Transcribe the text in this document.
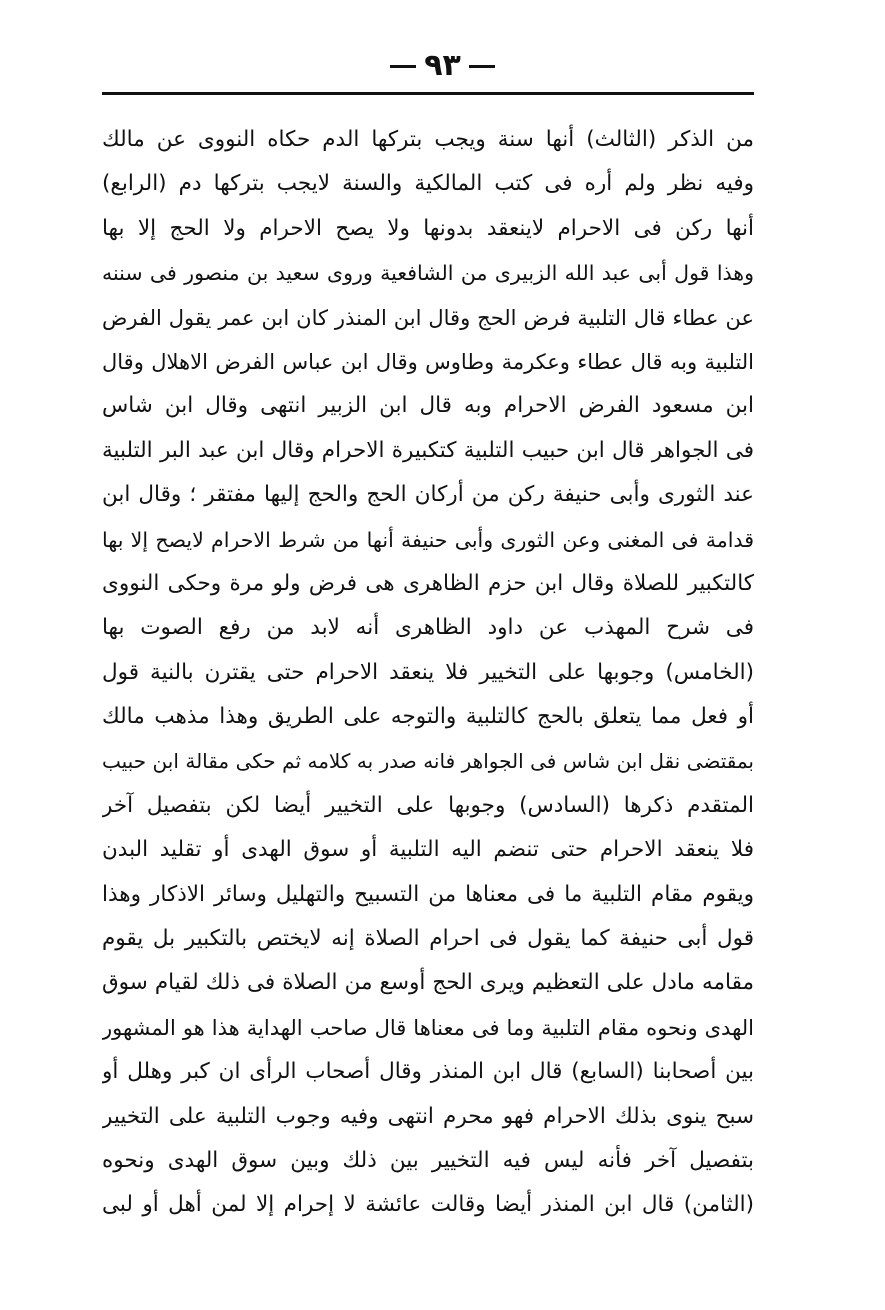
٩٣
من الذكر (الثالث) أنها سنة ويجب بتركها الدم حكاه النووى عن مالك
وفيه نظر ولم أره فى كتب المالكية والسنة لايجب بتركها دم (الرابع)
أنها ركن فى الاحرام لاينعقد بدونها ولا يصح الاحرام ولا الحج إلا بها
وهذا قول أبى عبد الله الزبيرى من الشافعية وروى سعيد بن منصور فى سننه
عن عطاء قال التلبية فرض الحج وقال ابن المنذر كان ابن عمر يقول الفرض
التلبية وبه قال عطاء وعكرمة وطاوس وقال ابن عباس الفرض الاهلال وقال
ابن مسعود الفرض الاحرام وبه قال ابن الزبير انتهى وقال ابن شاس
فى الجواهر قال ابن حبيب التلبية كتكبيرة الاحرام وقال ابن عبد البر التلبية
عند الثورى وأبى حنيفة ركن من أركان الحج والحج إليها مفتقر ؛ وقال ابن
قدامة فى المغنى وعن الثورى وأبى حنيفة أنها من شرط الاحرام لايصح إلا بها
كالتكبير للصلاة وقال ابن حزم الظاهرى هى فرض ولو مرة وحكى النووى
فى شرح المهذب عن داود الظاهرى أنه لابد من رفع الصوت بها
(الخامس) وجوبها على التخيير فلا ينعقد الاحرام حتى يقترن بالنية قول
أو فعل مما يتعلق بالحج كالتلبية والتوجه على الطريق وهذا مذهب مالك
بمقتضى نقل ابن شاس فى الجواهر فانه صدر به كلامه ثم حكى مقالة ابن حبيب
المتقدم ذكرها (السادس) وجوبها على التخيير أيضا لكن بتفصيل آخر
فلا ينعقد الاحرام حتى تنضم اليه التلبية أو سوق الهدى أو تقليد البدن
ويقوم مقام التلبية ما فى معناها من التسبيح والتهليل وسائر الاذكار وهذا
قول أبى حنيفة كما يقول فى احرام الصلاة إنه لايختص بالتكبير بل يقوم
مقامه مادل على التعظيم ويرى الحج أوسع من الصلاة فى ذلك لقيام سوق
الهدى ونحوه مقام التلبية وما فى معناها قال صاحب الهداية هذا هو المشهور
بين أصحابنا (السابع) قال ابن المنذر وقال أصحاب الرأى ان كبر وهلل أو
سبح ينوى بذلك الاحرام فهو محرم انتهى وفيه وجوب التلبية على التخيير
بتفصيل آخر فأنه ليس فيه التخيير بين ذلك وبين سوق الهدى ونحوه
(الثامن) قال ابن المنذر أيضا وقالت عائشة لا إحرام إلا لمن أهل أو لبى
